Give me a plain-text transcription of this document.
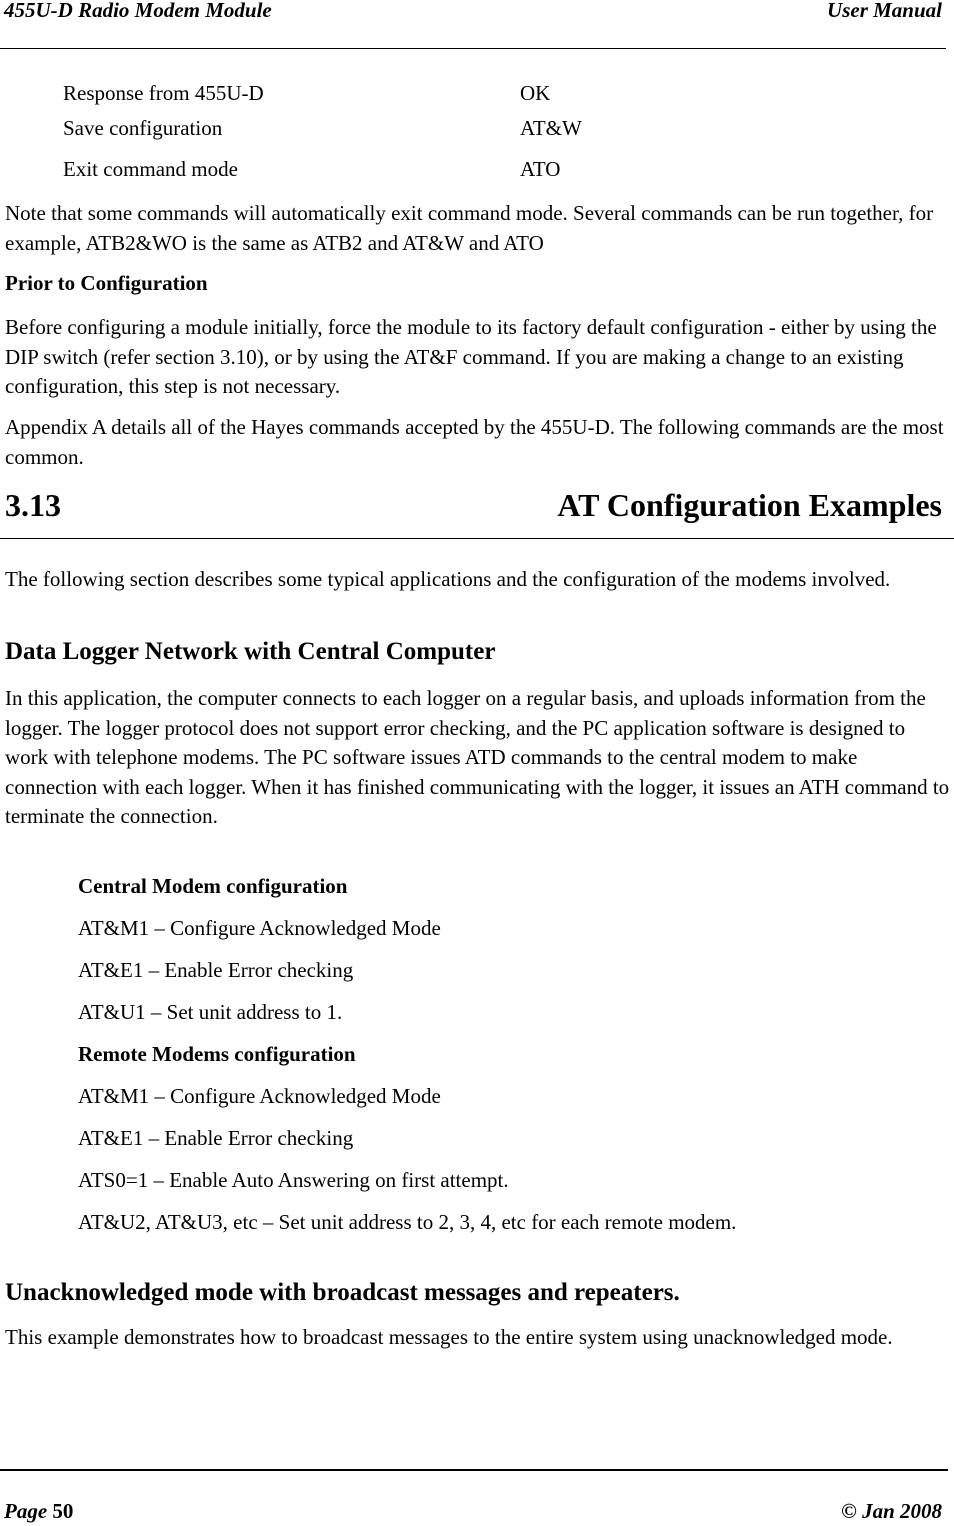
455U-D Radio Modem Module	User Manual
Response from 455U-D	OK
Save configuration	AT&W
Exit command mode	ATO
Note that some commands will automatically exit command mode. Several commands can be run together, for example, ATB2&WO is the same as ATB2 and AT&W and ATO
Prior to Configuration
Before configuring a module initially, force the module to its factory default configuration - either by using the DIP switch (refer section 3.10), or by using the AT&F command. If you are making a change to an existing configuration, this step is not necessary.
Appendix A details all of the Hayes commands accepted by the 455U-D. The following commands are the most common.
3.13	AT Configuration Examples
The following section describes some typical applications and the configuration of the modems involved.
Data Logger Network with Central Computer
In this application, the computer connects to each logger on a regular basis, and uploads information from the logger. The logger protocol does not support error checking, and the PC application software is designed to work with telephone modems. The PC software issues ATD commands to the central modem to make connection with each logger. When it has finished communicating with the logger, it issues an ATH command to terminate the connection.
Central Modem configuration
AT&M1 – Configure Acknowledged Mode
AT&E1 – Enable Error checking
AT&U1 – Set unit address to 1.
Remote Modems configuration
AT&M1 – Configure Acknowledged Mode
AT&E1 – Enable Error checking
ATS0=1 – Enable Auto Answering on first attempt.
AT&U2, AT&U3, etc – Set unit address to 2, 3, 4, etc for each remote modem.
Unacknowledged mode with broadcast messages and repeaters.
This example demonstrates how to broadcast messages to the entire system using unacknowledged mode.
Page 50	© Jan 2008
